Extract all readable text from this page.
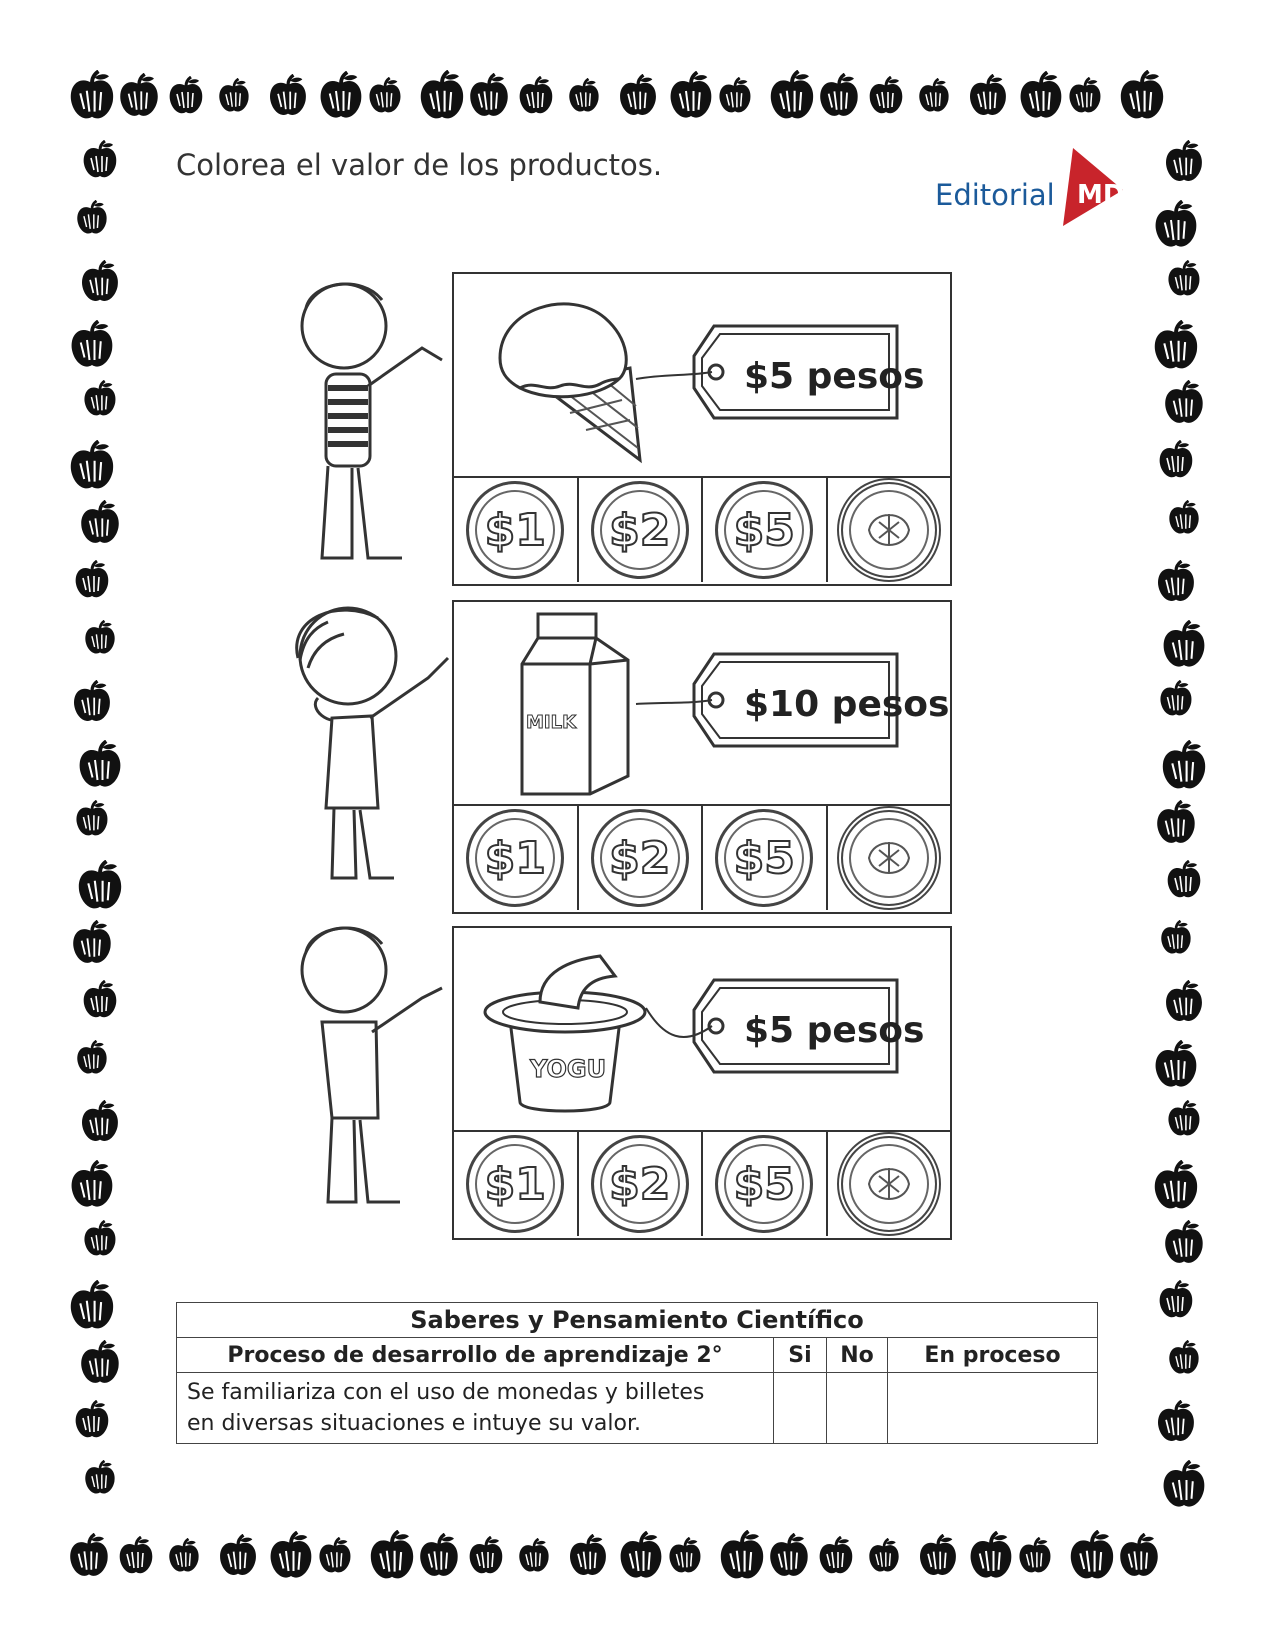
Colorea el valor de los productos.
Editorial MD
$5 pesos
$1	$2	$5
MILK	$10 pesos
$1	$2	$5
YOGU
$5 pesos
$1	$2	$5
Saberes y Pensamiento Científico			
Proceso de desarrollo de aprendizaje 2°	Si	No	En proceso

Se familiariza con el uso de monedas y billetes
en diversas situaciones e intuye su valor.			
